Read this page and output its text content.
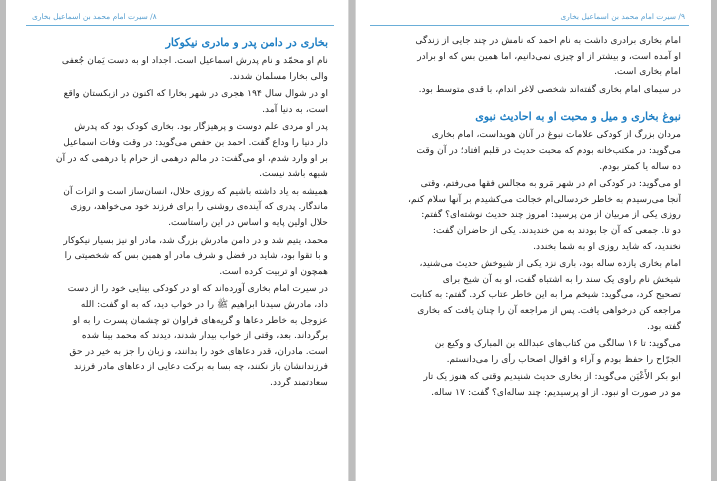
۸/ سیرت امام محمد بن اسماعیل بخاری
بخاری در دامن پدر و مادری نیکوکار

نام او محمّد و نام پدرش اسماعیل است. اجداد او به دست یَمان جُعفی
والی بخارا مسلمان شدند.

او در شوال سال ۱۹۴ هجری در شهر بخارا که اکنون در ازبکستان واقع
است، به دنیا آمد.

پدر او مردی علم دوست و پرهیزگار بود. بخاری کودک بود که پدرش
دار دنیا را وداع گفت. احمد بن حفص می‌گوید: در وقت وفات اسماعیل
بر او وارد شدم، او می‌گفت: در مالم درهمی از حرام یا درهمی که در آن
شبهه باشد نیست.

همیشه به یاد داشته باشیم که روزی حلال، انسان‌ساز است و اثرات آن
ماندگار. پدری که آینده‌ی روشنی را برای فرزند خود می‌خواهد، روزی
حلال اولین پایه و اساس در این راستاست.

محمد، یتیم شد و در دامن مادرش بزرگ شد، مادر او نیز بسیار نیکوکار
و با تقوا بود، شاید در فضل و شرف مادر او همین بس که شخصیتی را
همچون او تربیت کرده است.

در سیرت امام بخاری آورده‌اند که او در کودکی بینایی خود را از دست
داد، مادرش سیدنا ابراهیم ﷺ را در خواب دید، که به او گفت: الله
عزوجل به خاطر دعاها و گریه‌های فراوان تو چشمان پسرت را به او
برگرداند. بعد، وقتی از خواب بیدار شدند، دیدند که محمد بینا شده
است. مادران، قدر دعاهای خود را بدانند، و زبان را جز به خیر در حق
فرزندانشان باز نکنند، چه بسا به برکت دعایی از دعاهای مادر فرزند
سعادتمند گردد.

۹/ سیرت امام محمد بن اسماعیل بخاری

امام بخاری برادری داشت به نام احمد که نامش در چند جایی از زندگی
او آمده است، و بیشتر از او چیزی نمی‌دانیم، اما همین بس که او برادر
امام بخاری است.

در سیمای امام بخاری گفته‌اند شخصی لاغر اندام، با قدی متوسط بود.

نبوغ بخاری و میل و محبت او به احادیث نبوی

مردان بزرگ از کودکی علامات نبوغ در آنان هویداست، امام بخاری
می‌گوید: در مکتب‌خانه بودم که محبت حدیث در قلبم افتاد؛ در آن وقت
ده ساله یا کمتر بودم.

او می‌گوید: در کودکی ام در شهر مَرو به مجالس فقها می‌رفتم، وقتی
آنجا می‌رسیدم به خاطر خردسالی‌ام خجالت می‌کشیدم بر آنها سلام کنم،
روزی یکی از مربیان از من پرسید: امروز چند حدیث نوشته‌ای؟ گفتم:
دو تا. جمعی که آن جا بودند به من خندیدند. یکی از حاضران گفت:
نخندید، که شاید روزی او به شما بخندد.

امام بخاری یازده ساله بود، باری نزد یکی از شیوخش حدیث می‌شنید،
شیخش نام راوی یک سند را به اشتباه گفت، او به آن شیخ برای
تصحیح کرد، می‌گوید: شیخم مرا به این خاطر عتاب کرد. گفتم: به کتابت
مراجعه کن درخواهی یافت. پس از مراجعه آن را چنان یافت که بخاری
گفته بود.

می‌گوید: تا ۱۶ سالگی من کتاب‌های عبدالله بن المبارک و وکیع بن
الجرّاح را حفظ بودم و آراء و اقوال اصحاب رأی را می‌دانستم.

ابو بکر الأَعْیَن می‌گوید: از بخاری حدیث شنیدیم وقتی که هنوز یک تار
مو در صورت او نبود. از او پرسیدیم: چند ساله‌ای؟ گفت: ۱۷ ساله.
